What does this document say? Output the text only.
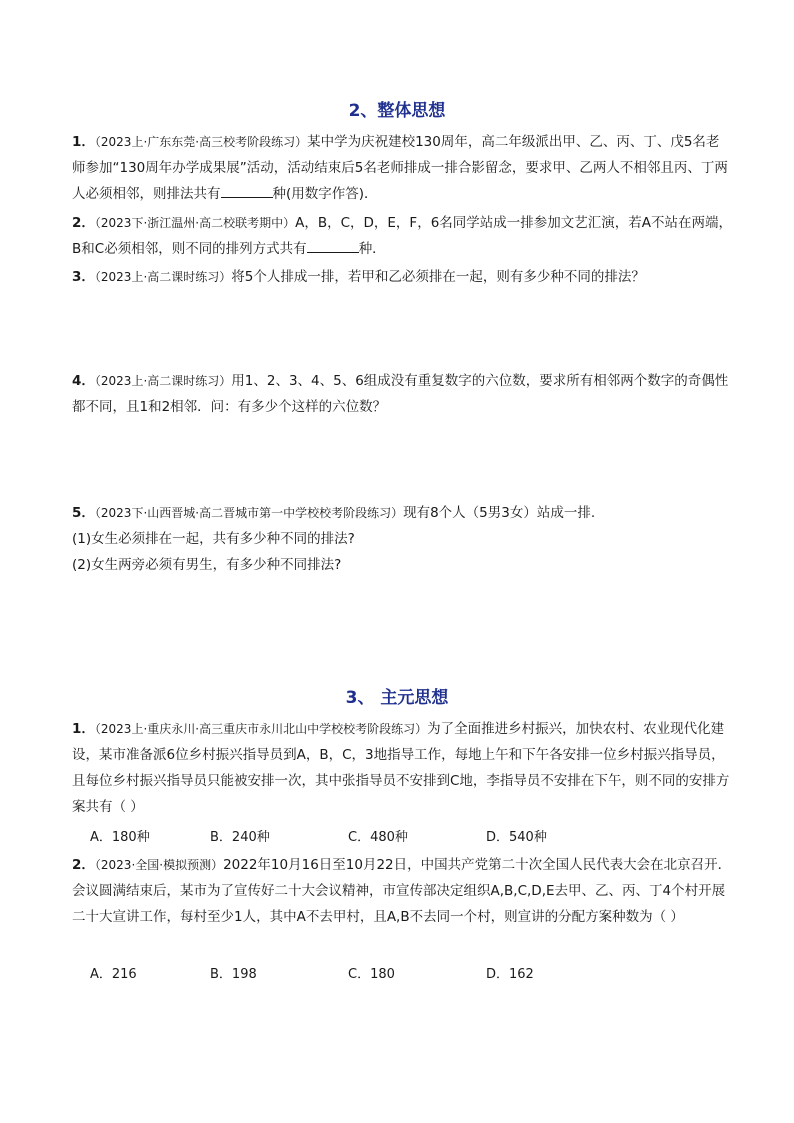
2、整体思想
1．（2023上·广东东莞·高三校考阶段练习）某中学为庆祝建校130周年，高二年级派出甲、乙、丙、丁、戊5名老师参加“130周年办学成果展”活动，活动结束后5名老师排成一排合影留念，要求甲、乙两人不相邻且丙、丁两人必须相邻，则排法共有	种(用数字作答)．
2．（2023下·浙江温州·高二校联考期中）A，B，C，D，E，F，6名同学站成一排参加文艺汇演，若A不站在两端，B和C必须相邻，则不同的排列方式共有	种．
3．（2023上·高二课时练习）将5个人排成一排，若甲和乙必须排在一起，则有多少种不同的排法？
4．（2023上·高二课时练习）用1、2、3、4、5、6组成没有重复数字的六位数，要求所有相邻两个数字的奇偶性都不同，且1和2相邻．问：有多少个这样的六位数？
5．（2023下·山西晋城·高二晋城市第一中学校校考阶段练习）现有8个人（5男3女）站成一排.
(1)女生必须排在一起，共有多少种不同的排法?
(2)女生两旁必须有男生，有多少种不同排法?
3、 主元思想
1．（2023上·重庆永川·高三重庆市永川北山中学校校考阶段练习）为了全面推进乡村振兴，加快农村、农业现代化建设，某市准备派6位乡村振兴指导员到A，B，C，3地指导工作，每地上午和下午各安排一位乡村振兴指导员，且每位乡村振兴指导员只能被安排一次，其中张指导员不安排到C地，李指导员不安排在下午，则不同的安排方案共有（ ）
A．180种	B．240种	C．480种	D．540种
2．（2023·全国·模拟预测）2022年10月16日至10月22日，中国共产党第二十次全国人民代表大会在北京召开．会议圆满结束后，某市为了宣传好二十大会议精神，市宣传部决定组织A,B,C,D,E去甲、乙、丙、丁4个村开展二十大宣讲工作，每村至少1人，其中A不去甲村，且A,B不去同一个村，则宣讲的分配方案种数为（ ）
A．216	B．198	C．180	D．162
